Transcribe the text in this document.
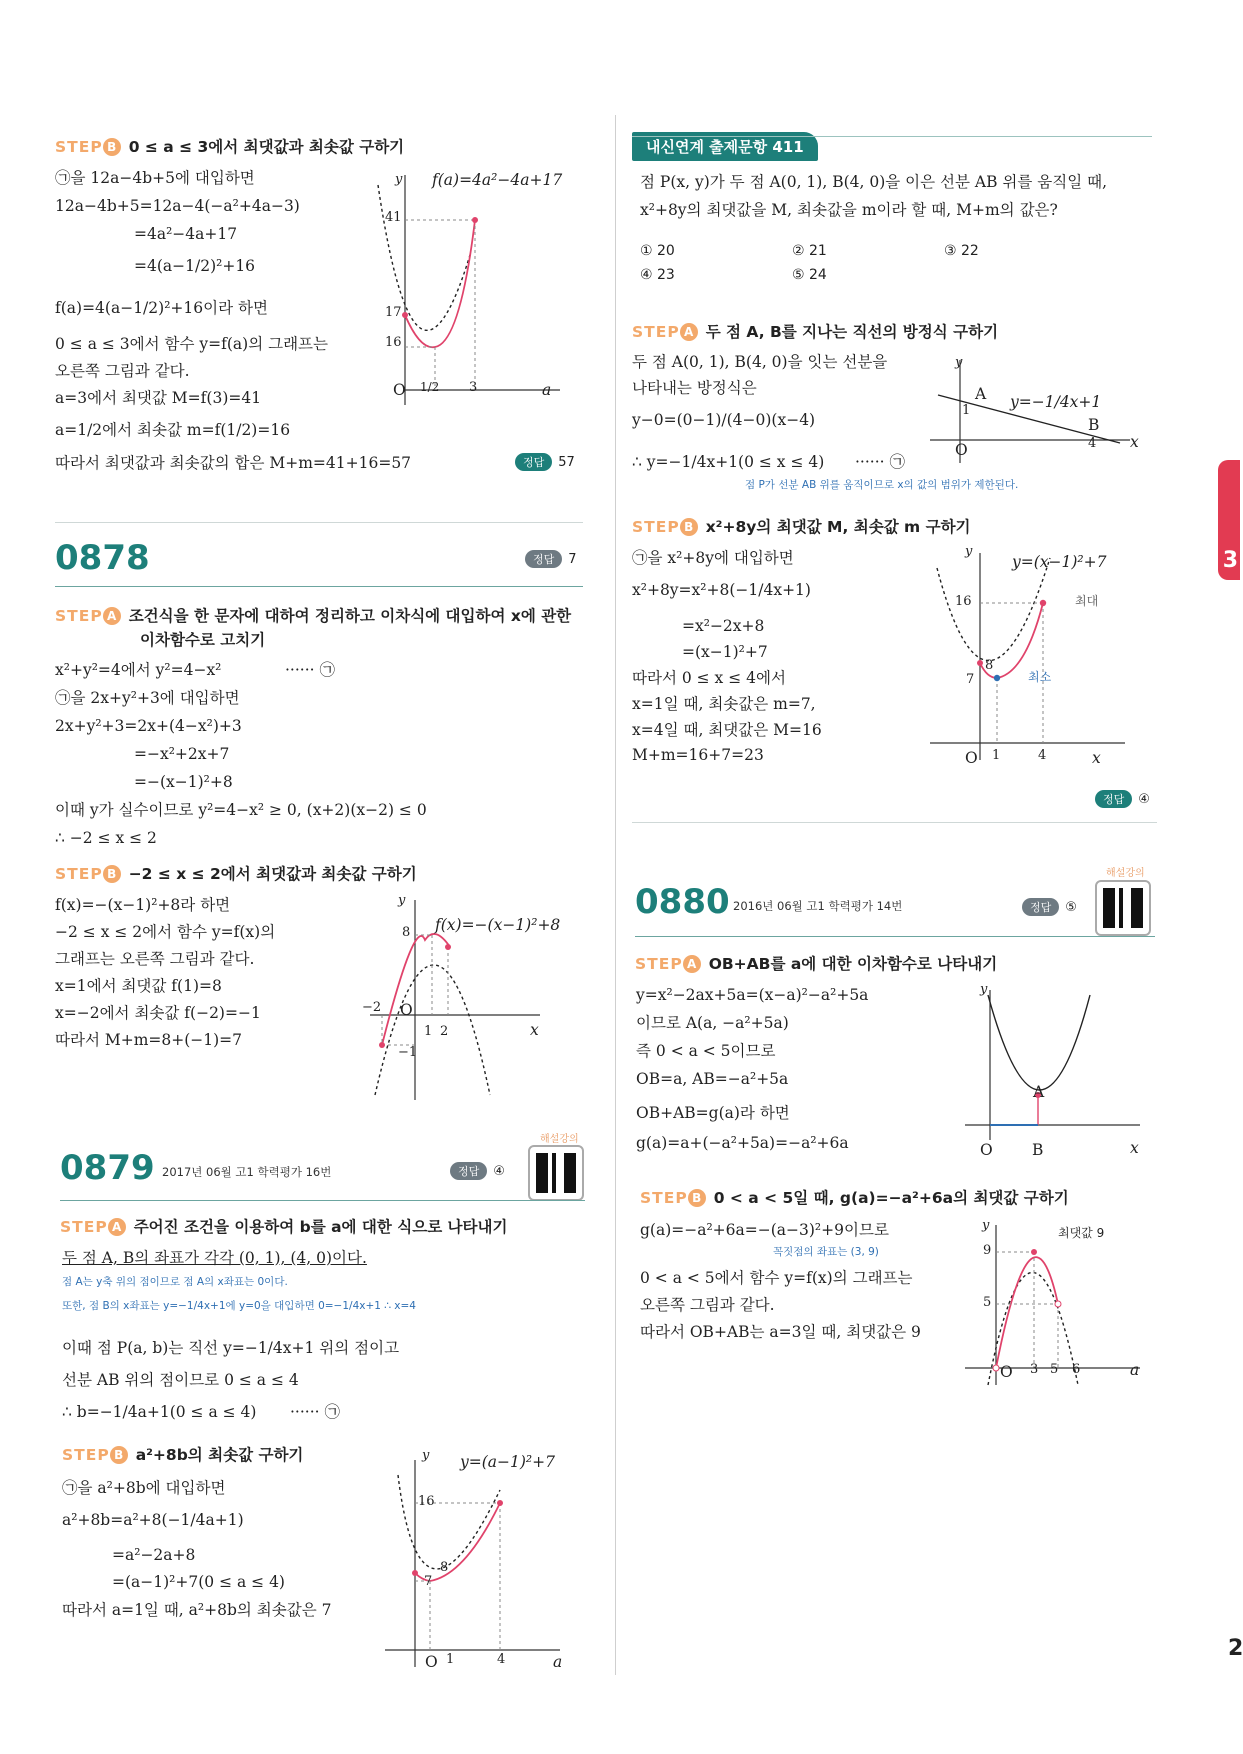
STEP B 0 ≤ a ≤ 3에서 최댓값과 최솟값 구하기
㉠을 12a−4b+5에 대입하면
12a−4b+5=12a−4(−a²+4a−3)
=4a²−4a+17
=4(a−1/2)²+16
f(a)=4(a−1/2)²+16이라 하면
0 ≤ a ≤ 3에서 함수 y=f(a)의 그래프는
오른쪽 그림과 같다.
a=3에서 최댓값 M=f(3)=41
a=1/2에서 최솟값 m=f(1/2)=16
따라서 최댓값과 최솟값의 합은 M+m=41+16=57	정답 57
f(a)=4a²−4a+17
y
a
O
41
17
16
1/2 3
0878	정답 7
STEP A 조건식을 한 문자에 대하여 정리하고 이차식에 대입하여 x에 관한
이차함수로 고치기
x²+y²=4에서 y²=4−x²	······ ㉠
㉠을 2x+y²+3에 대입하면
2x+y²+3=2x+(4−x²)+3
=−x²+2x+7
=−(x−1)²+8
이때 y가 실수이므로 y²=4−x² ≥ 0, (x+2)(x−2) ≤ 0
∴ −2 ≤ x ≤ 2
STEP B −2 ≤ x ≤ 2에서 최댓값과 최솟값 구하기
f(x)=−(x−1)²+8라 하면
−2 ≤ x ≤ 2에서 함수 y=f(x)의
그래프는 오른쪽 그림과 같다.
x=1에서 최댓값 f(1)=8
x=−2에서 최솟값 f(−2)=−1
따라서 M+m=8+(−1)=7
f(x)=−(x−1)²+8
y
x
O
8
−1
−2
1 2
0879 2017년 06월 고1 학력평가 16번	정답 ④
해설강의
STEP A 주어진 조건을 이용하여 b를 a에 대한 식으로 나타내기
두 점 A, B의 좌표가 각각 (0, 1), (4, 0)이다.
점 A는 y축 위의 점이므로 점 A의 x좌표는 0이다.
또한, 점 B의 x좌표는 y=−1/4x+1에 y=0을 대입하면 0=−1/4x+1 ∴ x=4
이때 점 P(a, b)는 직선 y=−1/4x+1 위의 점이고
선분 AB 위의 점이므로 0 ≤ a ≤ 4
∴ b=−1/4a+1(0 ≤ a ≤ 4) ······ ㉠
STEP B a²+8b의 최솟값 구하기
㉠을 a²+8b에 대입하면
a²+8b=a²+8(−1/4a+1)
=a²−2a+8
=(a−1)²+7(0 ≤ a ≤ 4)
따라서 a=1일 때, a²+8b의 최솟값은 7
y=(a−1)²+7
y
a
O
16
8
7
1	4
내신연계 출제문항 411
점 P(x, y)가 두 점 A(0, 1), B(4, 0)을 이은 선분 AB 위를 움직일 때,
x²+8y의 최댓값을 M, 최솟값을 m이라 할 때, M+m의 값은?
① 20	② 21	③ 22
④ 23	⑤ 24
STEP A 두 점 A, B를 지나는 직선의 방정식 구하기
두 점 A(0, 1), B(4, 0)을 잇는 선분을
나타내는 방정식은
y−0=(0−1)/(4−0)(x−4)
∴ y=−1/4x+1(0 ≤ x ≤ 4) ······ ㉠
점 P가 선분 AB 위를 움직이므로 x의 값의 범위가 제한된다.
y=−1/4x+1
y
x
O
A
B
1
4
STEP B x²+8y의 최댓값 M, 최솟값 m 구하기
㉠을 x²+8y에 대입하면
x²+8y=x²+8(−1/4x+1)
=x²−2x+8
=(x−1)²+7
따라서 0 ≤ x ≤ 4에서
x=1일 때, 최솟값은 m=7,
x=4일 때, 최댓값은 M=16
M+m=16+7=23
y=(x−1)²+7
y
x
O
16
8
7
1	4
최대
최소
정답 ④
0880 2016년 06월 고1 학력평가 14번	정답 ⑤
해설강의
STEP A OB+AB를 a에 대한 이차함수로 나타내기
y=x²−2ax+5a=(x−a)²−a²+5a
이므로 A(a, −a²+5a)
즉 0 < a < 5이므로
OB=a, AB=−a²+5a
OB+AB=g(a)라 하면
g(a)=a+(−a²+5a)=−a²+6a
y
x
O
A
B
STEP B 0 < a < 5일 때, g(a)=−a²+6a의 최댓값 구하기
g(a)=−a²+6a=−(a−3)²+9이므로
꼭짓점의 좌표는 (3, 9)
0 < a < 5에서 함수 y=f(x)의 그래프는
오른쪽 그림과 같다.
따라서 OB+AB는 a=3일 때, 최댓값은 9
y
a
O
9
5
3 5 6
최댓값 9
3
2
